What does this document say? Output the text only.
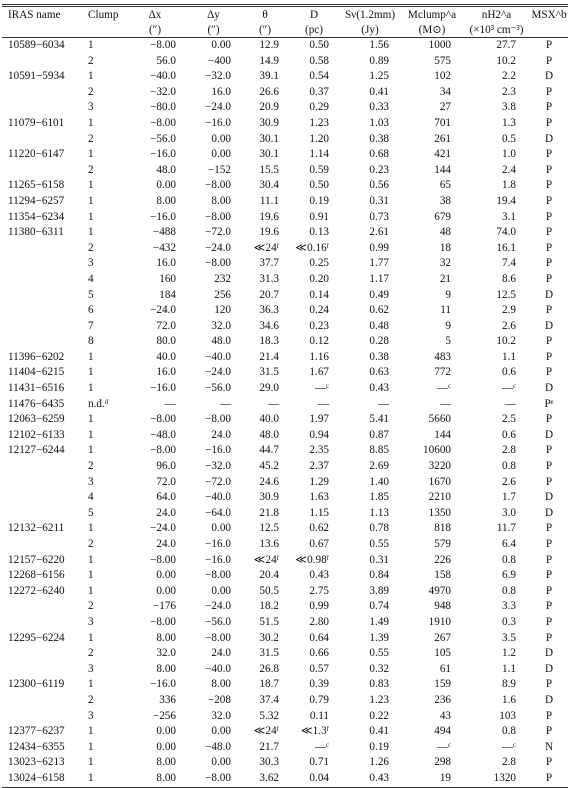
IRAS name	Clump	Δx	Δy	θ	D	Sν(1.2mm)	Mclump^a	nH2^a	MSX^b
		(″)	(″)	(″)	(pc)	(Jy)	(M⊙)	(×10³ cm⁻³)	
10589−6034	1	−8.00	0.00	12.9	0.50	1.56	1000	27.7	P
	2	56.0	−400	14.9	0.58	0.89	575	10.2	P
10591−5934	1	−40.0	−32.0	39.1	0.54	1.25	102	2.2	D
	2	−32.0	16.0	26.6	0.37	0.41	34	2.3	P
	3	−80.0	−24.0	20.9	0.29	0.33	27	3.8	P
11079−6101	1	−8.00	−16.0	30.9	1.23	1.03	701	1.3	P
	2	−56.0	0.00	30.1	1.20	0.38	261	0.5	D
11220−6147	1	−16.0	0.00	30.1	1.14	0.68	421	1.0	P
	2	48.0	−152	15.5	0.59	0.23	144	2.4	P
11265−6158	1	0.00	−8.00	30.4	0.50	0.56	65	1.8	P
11294−6257	1	8.00	8.00	11.1	0.19	0.31	38	19.4	P
11354−6234	1	−16.0	−8.00	19.6	0.91	0.73	679	3.1	P
11380−6311	1	−488	−72.0	19.6	0.13	2.61	48	74.0	P
	2	−432	−24.0	≪24ᶠ	≪0.16ᶠ	0.99	18	16.1	P
	3	16.0	−8.00	37.7	0.25	1.77	32	7.4	P
	4	160	232	31.3	0.20	1.17	21	8.6	P
	5	184	256	20.7	0.14	0.49	9	12.5	D
	6	−24.0	120	36.3	0.24	0.62	11	2.9	P
	7	72.0	32.0	34.6	0.23	0.48	9	2.6	D
	8	80.0	48.0	18.3	0.12	0.28	5	10.2	P
11396−6202	1	40.0	−40.0	21.4	1.16	0.38	483	1.1	P
11404−6215	1	16.0	−24.0	31.5	1.67	0.63	772	0.6	P
11431−6516	1	−16.0	−56.0	29.0	—ᶜ	0.43	—ᶜ	—ᶜ	D
11476−6435	n.d.ᵈ	—	—	—	—	—	—	—	Pᵉ
12063−6259	1	−8.00	−8.00	40.0	1.97	5.41	5660	2.5	P
12102−6133	1	−48.0	24.0	48.0	0.94	0.87	144	0.6	D
12127−6244	1	−8.00	−16.0	44.7	2.35	8.85	10600	2.8	P
	2	96.0	−32.0	45.2	2.37	2.69	3220	0.8	P
	3	72.0	−72.0	24.6	1.29	1.40	1670	2.6	P
	4	64.0	−40.0	30.9	1.63	1.85	2210	1.7	D
	5	24.0	−64.0	21.8	1.15	1.13	1350	3.0	D
12132−6211	1	−24.0	0.00	12.5	0.62	0.78	818	11.7	P
	2	24.0	−16.0	13.6	0.67	0.55	579	6.4	P
12157−6220	1	−8.00	−16.0	≪24ᶠ	≪0.98ᶠ	0.31	226	0.8	P
12268−6156	1	0.00	−8.00	20.4	0.43	0.84	158	6.9	P
12272−6240	1	0.00	0.00	50.5	2.75	3.89	4970	0.8	P
	2	−176	−24.0	18.2	0.99	0.74	948	3.3	P
	3	−8.00	−56.0	51.5	2.80	1.49	1910	0.3	P
12295−6224	1	8.00	−8.00	30.2	0.64	1.39	267	3.5	P
	2	32.0	24.0	31.5	0.66	0.55	105	1.2	D
	3	8.00	−40.0	26.8	0.57	0.32	61	1.1	D
12300−6119	1	−16.0	8.00	18.7	0.39	0.83	159	8.9	P
	2	336	−208	37.4	0.79	1.23	236	1.6	D
	3	−256	32.0	5.32	0.11	0.22	43	103	P
12377−6237	1	0.00	0.00	≪24ᶠ	≪1.3ᶠ	0.41	494	0.8	P
12434−6355	1	0.00	−48.0	21.7	—ᶜ	0.19	—ᶜ	—ᶜ	N
13023−6213	1	8.00	0.00	30.3	0.71	1.26	298	2.8	P
13024−6158	1	8.00	−8.00	3.62	0.04	0.43	19	1320	P
